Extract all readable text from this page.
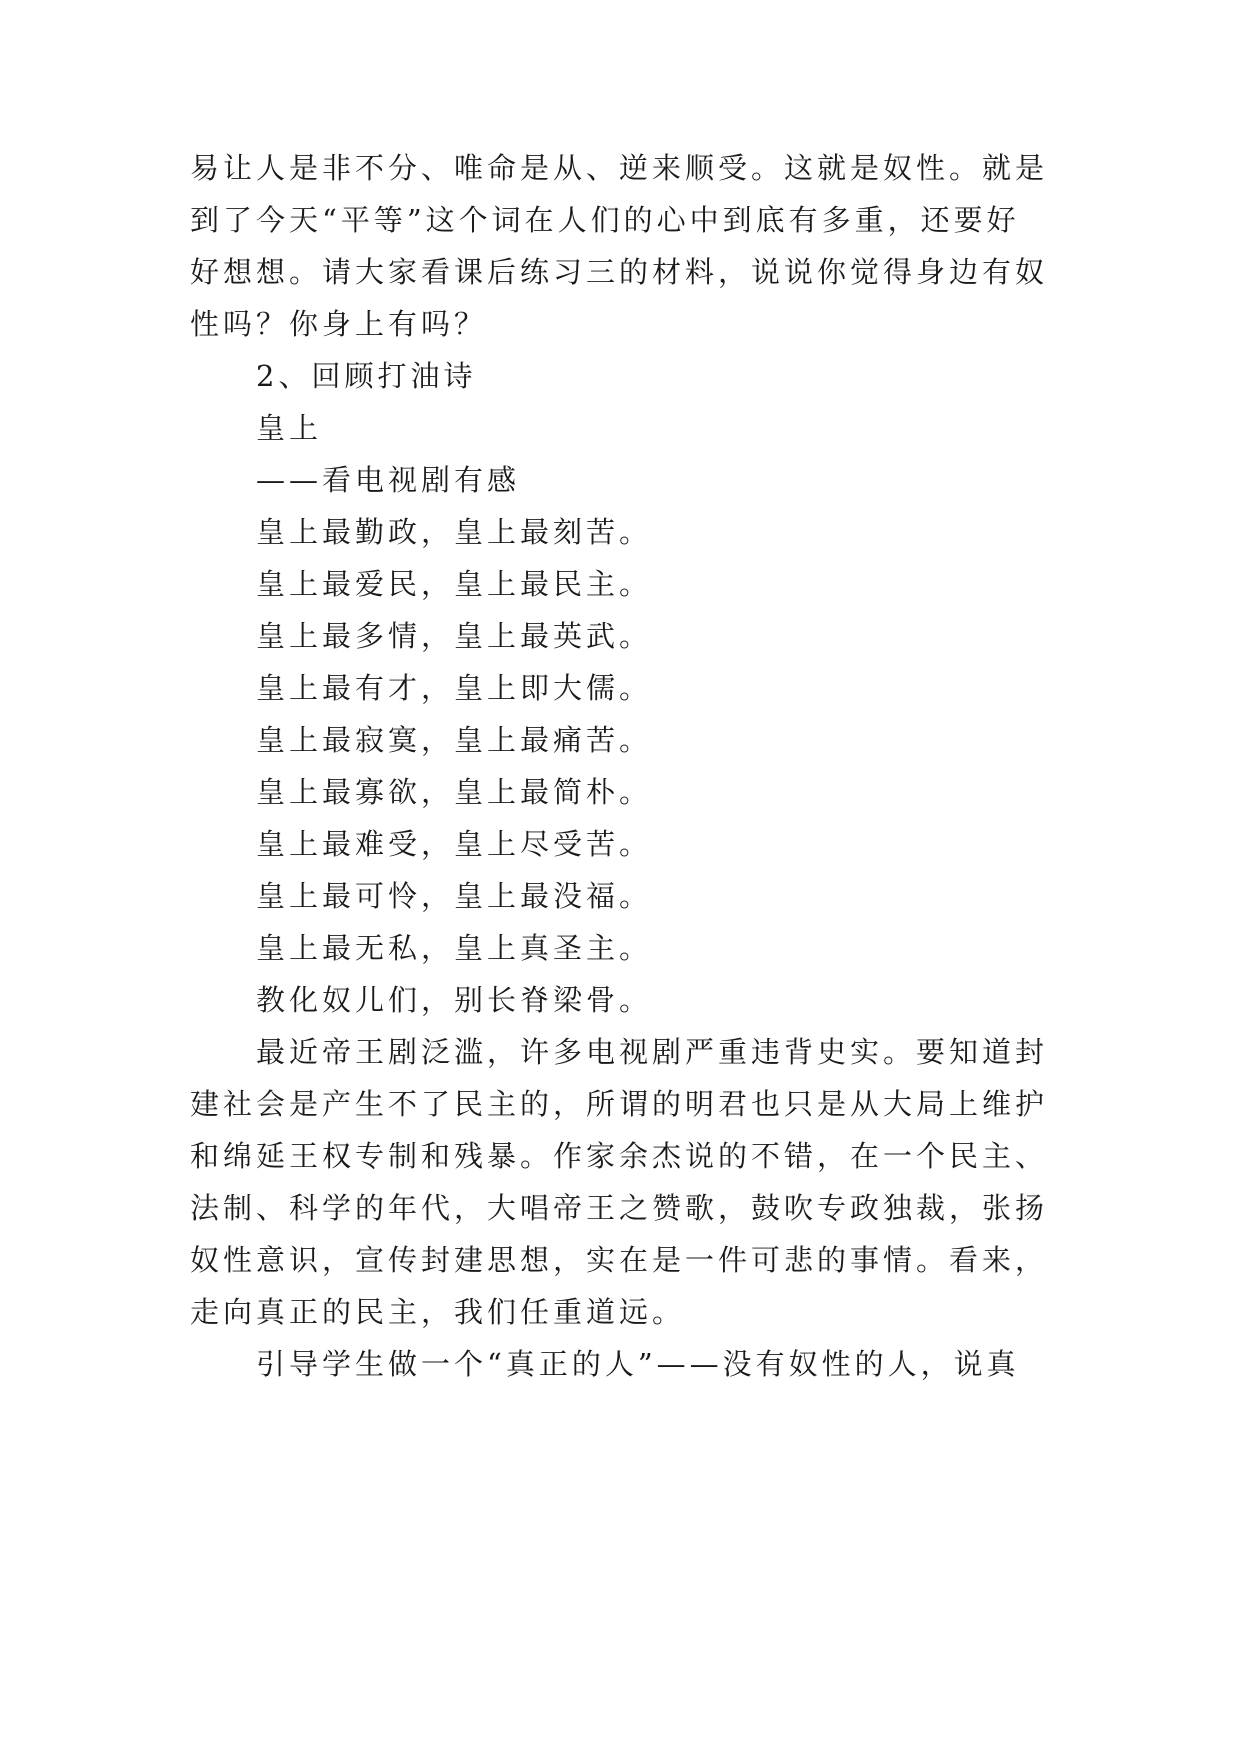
易让人是非不分、唯命是从、逆来顺受。这就是奴性。就是
到了今天“平等”这个词在人们的心中到底有多重，还要好
好想想。请大家看课后练习三的材料，说说你觉得身边有奴
性吗？你身上有吗？
2、回顾打油诗
皇上
——看电视剧有感
皇上最勤政，皇上最刻苦。
皇上最爱民，皇上最民主。
皇上最多情，皇上最英武。
皇上最有才，皇上即大儒。
皇上最寂寞，皇上最痛苦。
皇上最寡欲，皇上最简朴。
皇上最难受，皇上尽受苦。
皇上最可怜，皇上最没福。
皇上最无私，皇上真圣主。
教化奴儿们，别长脊梁骨。
最近帝王剧泛滥，许多电视剧严重违背史实。要知道封
建社会是产生不了民主的，所谓的明君也只是从大局上维护
和绵延王权专制和残暴。作家余杰说的不错，在一个民主、
法制、科学的年代，大唱帝王之赞歌，鼓吹专政独裁，张扬
奴性意识，宣传封建思想，实在是一件可悲的事情。看来，
走向真正的民主，我们任重道远。
引导学生做一个“真正的人”——没有奴性的人，说真
